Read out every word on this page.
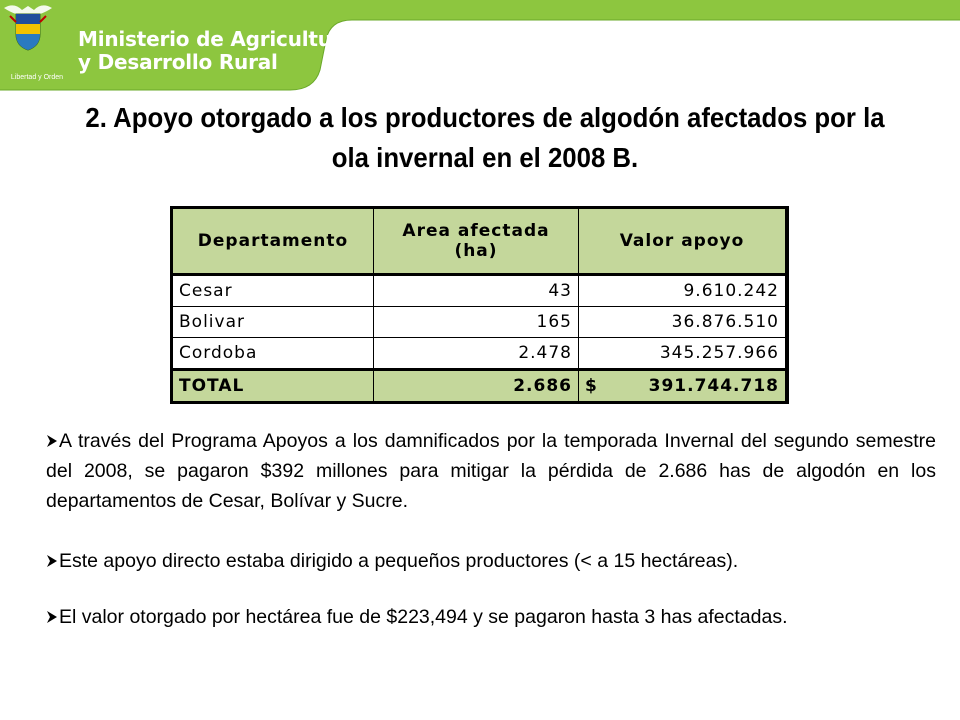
Libertad y Orden
Ministerio de Agricultura
y Desarrollo Rural
2. Apoyo otorgado a los productores de algodón afectados por la ola invernal en el 2008 B.
Departamento	Area afectada (ha)	Valor apoyo
Cesar	43	9.610.242
Bolivar	165	36.876.510
Cordoba	2.478	345.257.966
TOTAL	2.686	$ 391.744.718

A través del Programa Apoyos a los damnificados por la temporada Invernal del segundo semestre del 2008, se pagaron $392 millones para mitigar la pérdida de 2.686 has de algodón en los departamentos de Cesar, Bolívar y Sucre.

Este apoyo directo estaba dirigido a pequeños productores (< a 15 hectáreas).

El valor otorgado por hectárea fue de $223,494 y se pagaron hasta 3 has afectadas.
